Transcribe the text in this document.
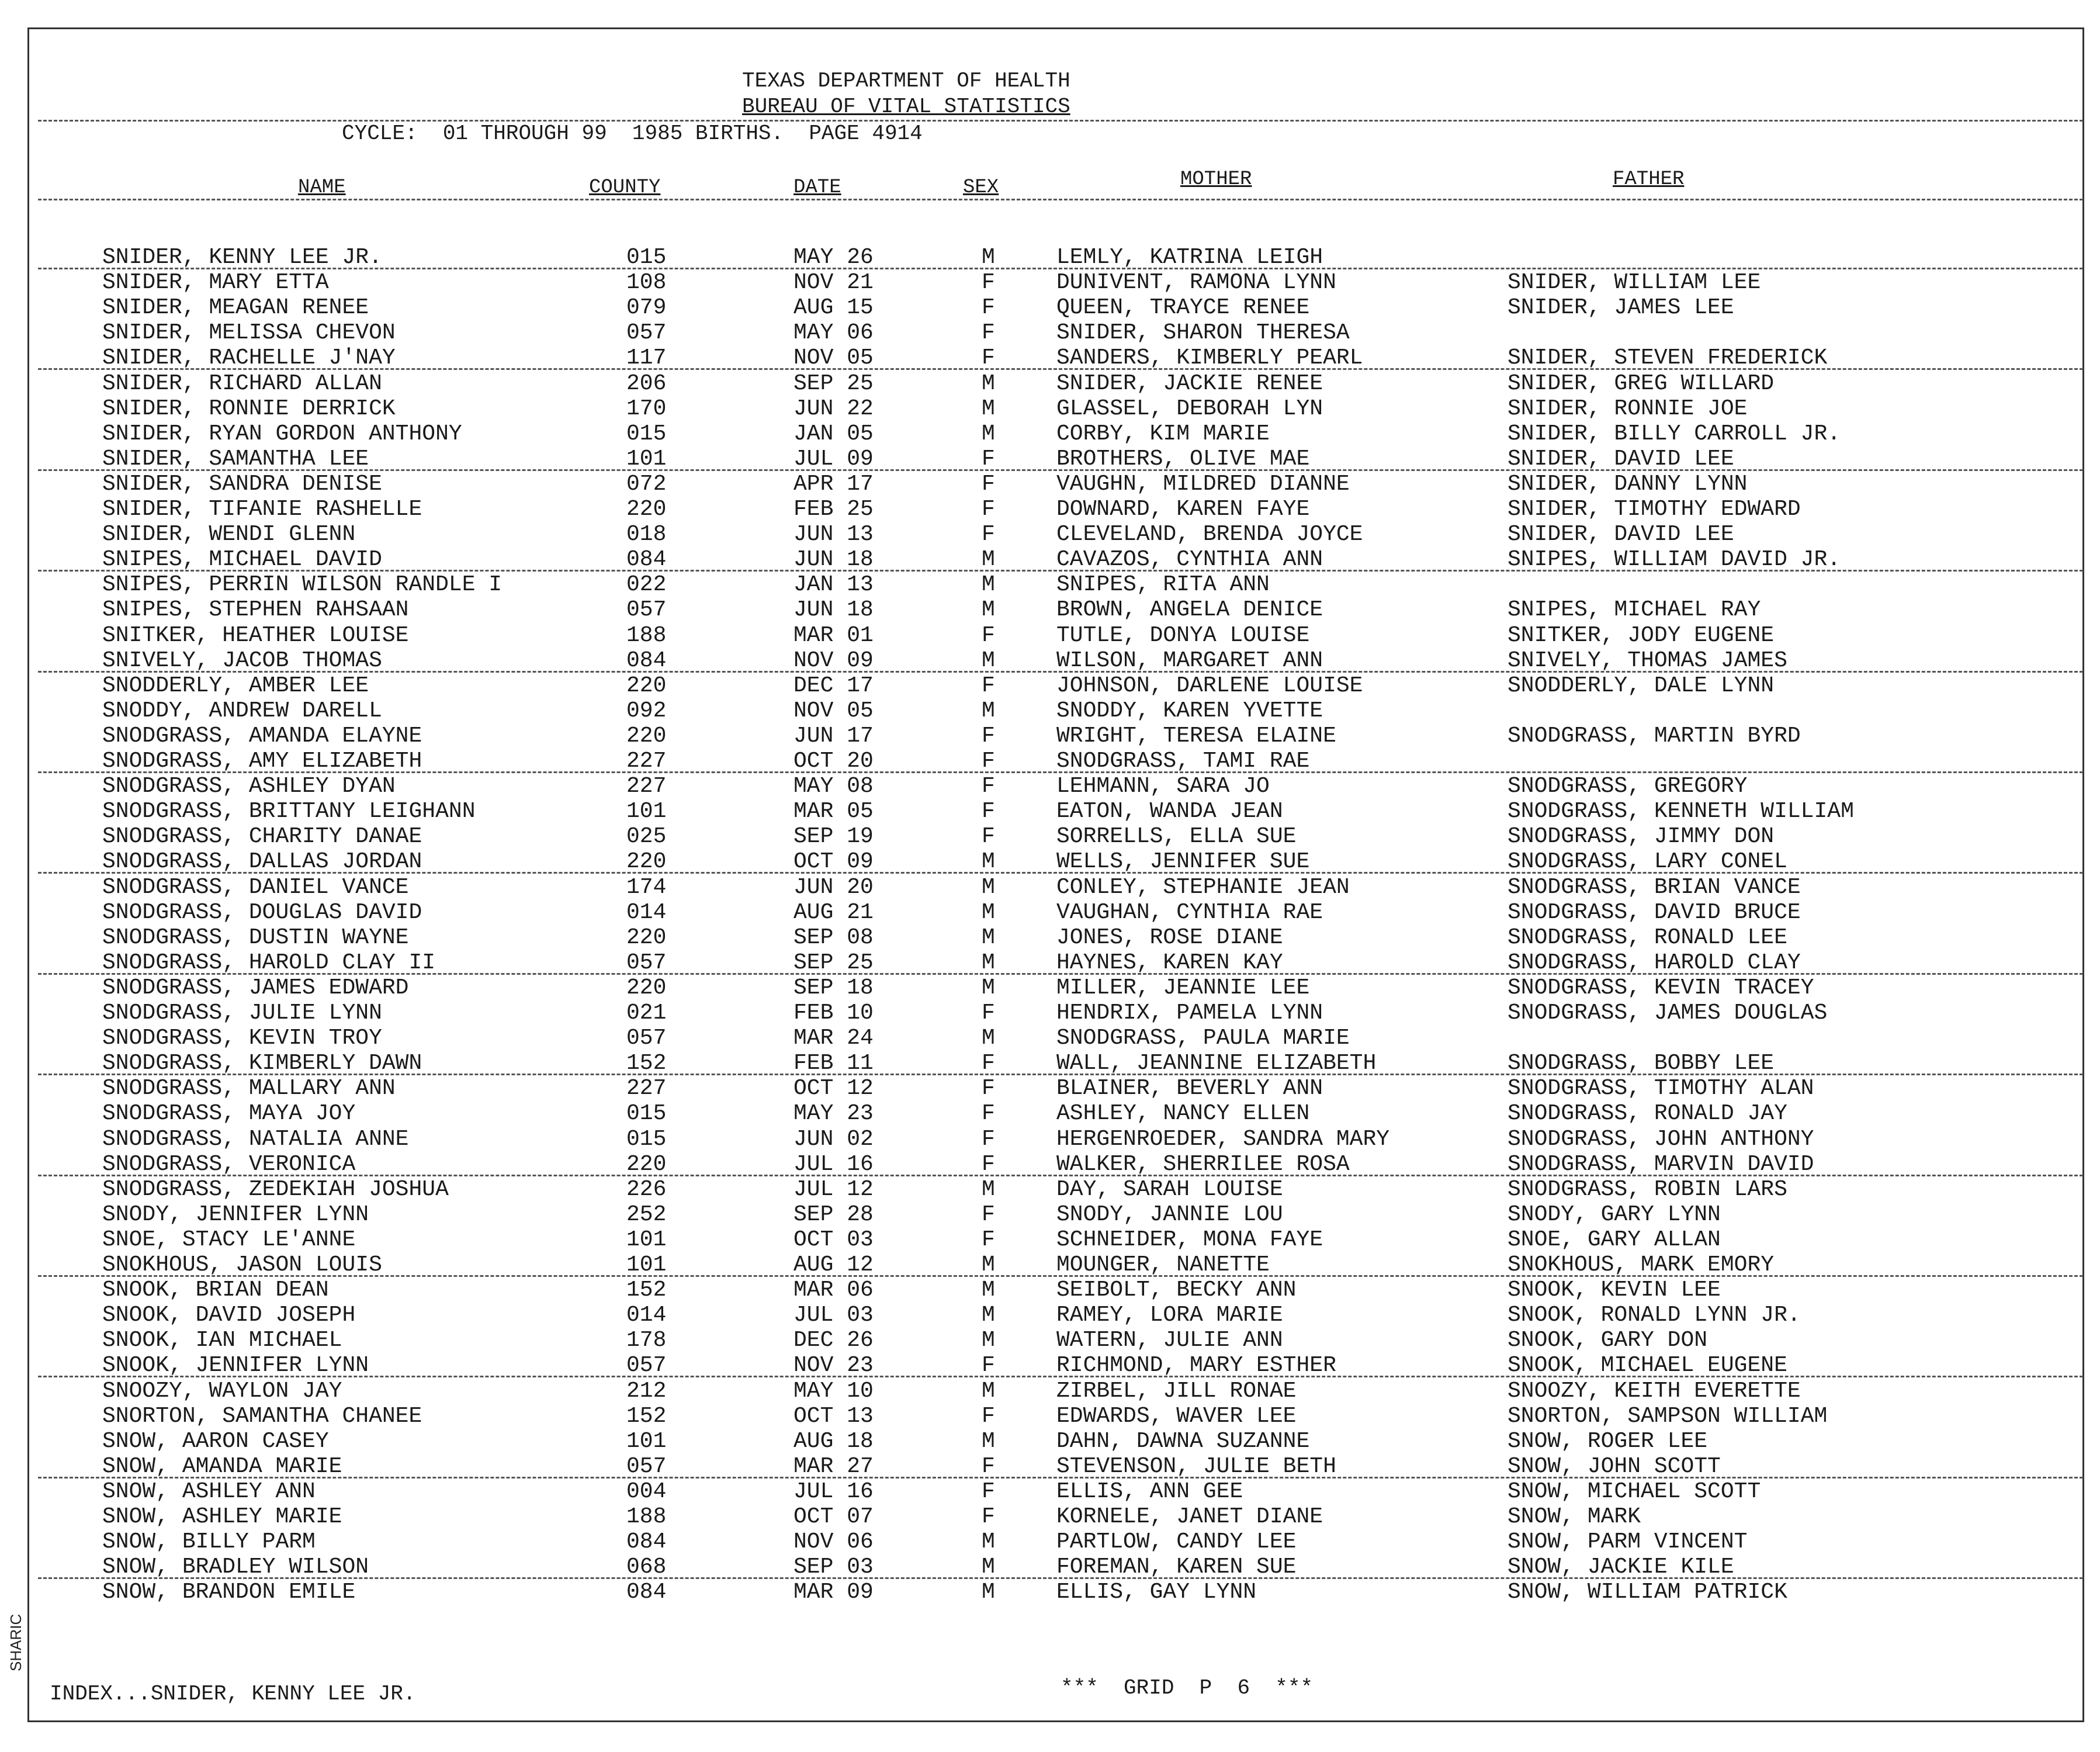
TEXAS DEPARTMENT OF HEALTH
BUREAU OF VITAL STATISTICS
CYCLE:  01 THROUGH 99  1985 BIRTHS.  PAGE 4914
NAME	COUNTY	DATE	SEX	MOTHER	FATHER
SNIDER, KENNY LEE JR.	015	MAY 26	M	LEMLY, KATRINA LEIGH
SNIDER, MARY ETTA	108	NOV 21	F	DUNIVENT, RAMONA LYNN	SNIDER, WILLIAM LEE
SNIDER, MEAGAN RENEE	079	AUG 15	F	QUEEN, TRAYCE RENEE	SNIDER, JAMES LEE
SNIDER, MELISSA CHEVON	057	MAY 06	F	SNIDER, SHARON THERESA
SNIDER, RACHELLE J'NAY	117	NOV 05	F	SANDERS, KIMBERLY PEARL	SNIDER, STEVEN FREDERICK
SNIDER, RICHARD ALLAN	206	SEP 25	M	SNIDER, JACKIE RENEE	SNIDER, GREG WILLARD
SNIDER, RONNIE DERRICK	170	JUN 22	M	GLASSEL, DEBORAH LYN	SNIDER, RONNIE JOE
SNIDER, RYAN GORDON ANTHONY	015	JAN 05	M	CORBY, KIM MARIE	SNIDER, BILLY CARROLL JR.
SNIDER, SAMANTHA LEE	101	JUL 09	F	BROTHERS, OLIVE MAE	SNIDER, DAVID LEE
SNIDER, SANDRA DENISE	072	APR 17	F	VAUGHN, MILDRED DIANNE	SNIDER, DANNY LYNN
SNIDER, TIFANIE RASHELLE	220	FEB 25	F	DOWNARD, KAREN FAYE	SNIDER, TIMOTHY EDWARD
SNIDER, WENDI GLENN	018	JUN 13	F	CLEVELAND, BRENDA JOYCE	SNIDER, DAVID LEE
SNIPES, MICHAEL DAVID	084	JUN 18	M	CAVAZOS, CYNTHIA ANN	SNIPES, WILLIAM DAVID JR.
SNIPES, PERRIN WILSON RANDLE I	022	JAN 13	M	SNIPES, RITA ANN
SNIPES, STEPHEN RAHSAAN	057	JUN 18	M	BROWN, ANGELA DENICE	SNIPES, MICHAEL RAY
SNITKER, HEATHER LOUISE	188	MAR 01	F	TUTLE, DONYA LOUISE	SNITKER, JODY EUGENE
SNIVELY, JACOB THOMAS	084	NOV 09	M	WILSON, MARGARET ANN	SNIVELY, THOMAS JAMES
SNODDERLY, AMBER LEE	220	DEC 17	F	JOHNSON, DARLENE LOUISE	SNODDERLY, DALE LYNN
SNODDY, ANDREW DARELL	092	NOV 05	M	SNODDY, KAREN YVETTE
SNODGRASS, AMANDA ELAYNE	220	JUN 17	F	WRIGHT, TERESA ELAINE	SNODGRASS, MARTIN BYRD
SNODGRASS, AMY ELIZABETH	227	OCT 20	F	SNODGRASS, TAMI RAE
SNODGRASS, ASHLEY DYAN	227	MAY 08	F	LEHMANN, SARA JO	SNODGRASS, GREGORY
SNODGRASS, BRITTANY LEIGHANN	101	MAR 05	F	EATON, WANDA JEAN	SNODGRASS, KENNETH WILLIAM
SNODGRASS, CHARITY DANAE	025	SEP 19	F	SORRELLS, ELLA SUE	SNODGRASS, JIMMY DON
SNODGRASS, DALLAS JORDAN	220	OCT 09	M	WELLS, JENNIFER SUE	SNODGRASS, LARY CONEL
SNODGRASS, DANIEL VANCE	174	JUN 20	M	CONLEY, STEPHANIE JEAN	SNODGRASS, BRIAN VANCE
SNODGRASS, DOUGLAS DAVID	014	AUG 21	M	VAUGHAN, CYNTHIA RAE	SNODGRASS, DAVID BRUCE
SNODGRASS, DUSTIN WAYNE	220	SEP 08	M	JONES, ROSE DIANE	SNODGRASS, RONALD LEE
SNODGRASS, HAROLD CLAY II	057	SEP 25	M	HAYNES, KAREN KAY	SNODGRASS, HAROLD CLAY
SNODGRASS, JAMES EDWARD	220	SEP 18	M	MILLER, JEANNIE LEE	SNODGRASS, KEVIN TRACEY
SNODGRASS, JULIE LYNN	021	FEB 10	F	HENDRIX, PAMELA LYNN	SNODGRASS, JAMES DOUGLAS
SNODGRASS, KEVIN TROY	057	MAR 24	M	SNODGRASS, PAULA MARIE
SNODGRASS, KIMBERLY DAWN	152	FEB 11	F	WALL, JEANNINE ELIZABETH	SNODGRASS, BOBBY LEE
SNODGRASS, MALLARY ANN	227	OCT 12	F	BLAINER, BEVERLY ANN	SNODGRASS, TIMOTHY ALAN
SNODGRASS, MAYA JOY	015	MAY 23	F	ASHLEY, NANCY ELLEN	SNODGRASS, RONALD JAY
SNODGRASS, NATALIA ANNE	015	JUN 02	F	HERGENROEDER, SANDRA MARY	SNODGRASS, JOHN ANTHONY
SNODGRASS, VERONICA	220	JUL 16	F	WALKER, SHERRILEE ROSA	SNODGRASS, MARVIN DAVID
SNODGRASS, ZEDEKIAH JOSHUA	226	JUL 12	M	DAY, SARAH LOUISE	SNODGRASS, ROBIN LARS
SNODY, JENNIFER LYNN	252	SEP 28	F	SNODY, JANNIE LOU	SNODY, GARY LYNN
SNOE, STACY LE'ANNE	101	OCT 03	F	SCHNEIDER, MONA FAYE	SNOE, GARY ALLAN
SNOKHOUS, JASON LOUIS	101	AUG 12	M	MOUNGER, NANETTE	SNOKHOUS, MARK EMORY
SNOOK, BRIAN DEAN	152	MAR 06	M	SEIBOLT, BECKY ANN	SNOOK, KEVIN LEE
SNOOK, DAVID JOSEPH	014	JUL 03	M	RAMEY, LORA MARIE	SNOOK, RONALD LYNN JR.
SNOOK, IAN MICHAEL	178	DEC 26	M	WATERN, JULIE ANN	SNOOK, GARY DON
SNOOK, JENNIFER LYNN	057	NOV 23	F	RICHMOND, MARY ESTHER	SNOOK, MICHAEL EUGENE
SNOOZY, WAYLON JAY	212	MAY 10	M	ZIRBEL, JILL RONAE	SNOOZY, KEITH EVERETTE
SNORTON, SAMANTHA CHANEE	152	OCT 13	F	EDWARDS, WAVER LEE	SNORTON, SAMPSON WILLIAM
SNOW, AARON CASEY	101	AUG 18	M	DAHN, DAWNA SUZANNE	SNOW, ROGER LEE
SNOW, AMANDA MARIE	057	MAR 27	F	STEVENSON, JULIE BETH	SNOW, JOHN SCOTT
SNOW, ASHLEY ANN	004	JUL 16	F	ELLIS, ANN GEE	SNOW, MICHAEL SCOTT
SNOW, ASHLEY MARIE	188	OCT 07	F	KORNELE, JANET DIANE	SNOW, MARK
SNOW, BILLY PARM	084	NOV 06	M	PARTLOW, CANDY LEE	SNOW, PARM VINCENT
SNOW, BRADLEY WILSON	068	SEP 03	M	FOREMAN, KAREN SUE	SNOW, JACKIE KILE
SNOW, BRANDON EMILE	084	MAR 09	M	ELLIS, GAY LYNN	SNOW, WILLIAM PATRICK
INDEX...SNIDER, KENNY LEE JR.	***  GRID  P  6  ***
SHARIC
